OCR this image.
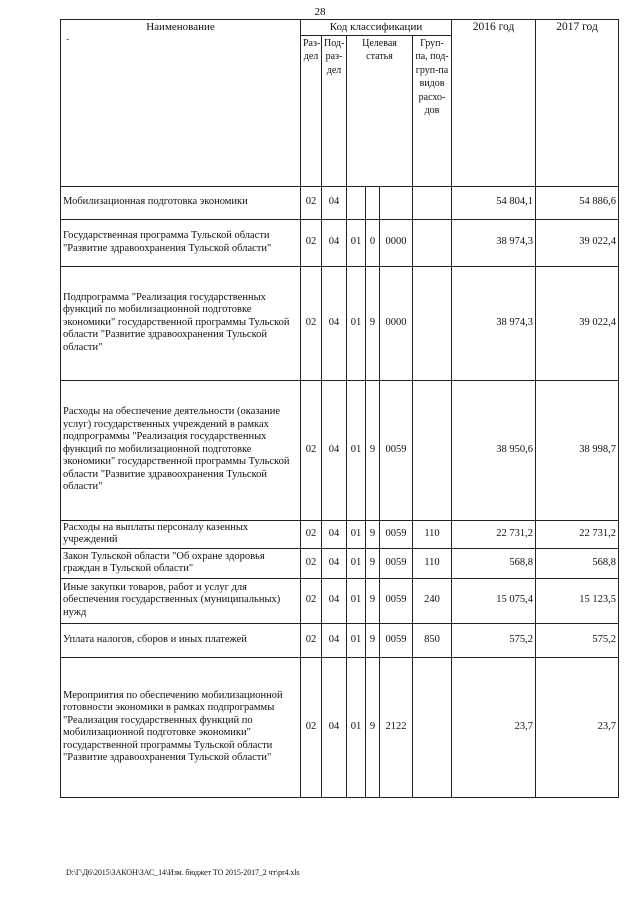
28
-
Наименование	Код классификации						2016 год	2017 год
	Раз-дел	Под-раз-дел	Целевая статья			Груп-па, под-груп-па видов расхо-дов		
Мобилизационная подготовка экономики	02	04					54 804,1	54 886,6
Государственная программа Тульской области "Развитие здравоохранения Тульской области"	02	04	01	0	0000		38 974,3	39 022,4
Подпрограмма "Реализация государственных функций по мобилизационной подготовке экономики" государственной программы Тульской области "Развитие здравоохранения Тульской области"	02	04	01	9	0000		38 974,3	39 022,4
Расходы на обеспечение деятельности (оказание услуг) государственных учреждений в рамках подпрограммы "Реализация государственных функций по мобилизационной подготовке экономики" государственной программы Тульской области "Развитие здравоохранения Тульской области"	02	04	01	9	0059		38 950,6	38 998,7
Расходы на выплаты персоналу казенных учреждений	02	04	01	9	0059	110	22 731,2	22 731,2
Закон Тульской области "Об охране здоровья граждан в Тульской области"	02	04	01	9	0059	110	568,8	568,8
Иные закупки товаров, работ и услуг для обеспечения государственных (муниципальных) нужд	02	04	01	9	0059	240	15 075,4	15 123,5
Уплата налогов, сборов и иных платежей	02	04	01	9	0059	850	575,2	575,2
Мероприятия по обеспечению мобилизационной готовности экономики в рамках подпрограммы "Реализация государственных функций по мобилизационной подготовке экономики" государственной программы Тульской области "Развитие здравоохранения Тульской области"	02	04	01	9	2122		23,7	23,7
D:\Г\Д6\2015\ЗАКОН\ЗАС_14\Изм. бюджет ТО 2015-2017_2 чт\pr4.xls
